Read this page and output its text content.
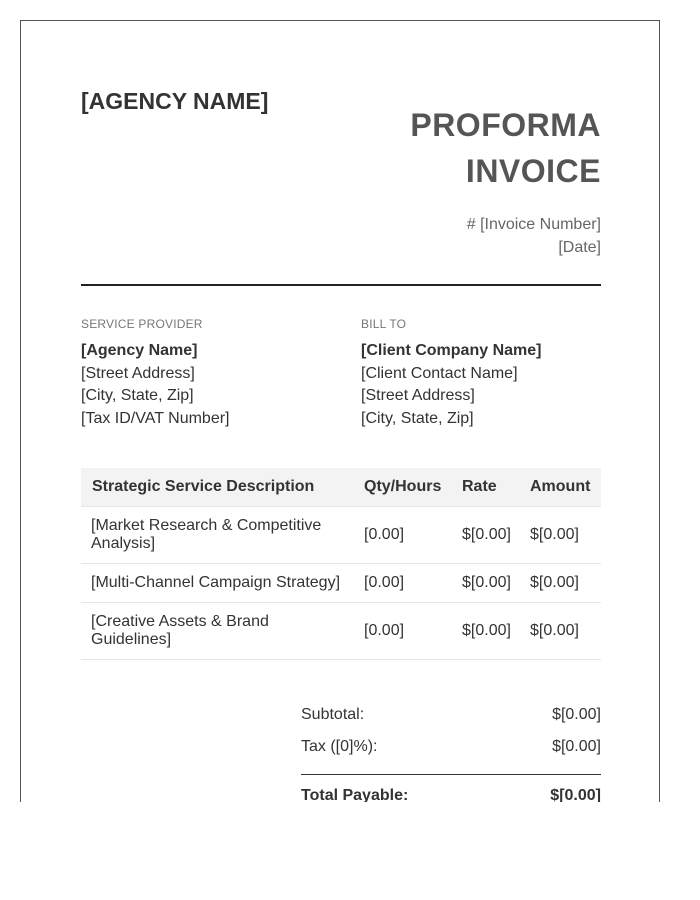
[AGENCY NAME]
PROFORMA INVOICE
# [Invoice Number]
[Date]
SERVICE PROVIDER
[Agency Name]
[Street Address]
[City, State, Zip]
[Tax ID/VAT Number]
BILL TO
[Client Company Name]
[Client Contact Name]
[Street Address]
[City, State, Zip]
Strategic Service Description	Qty/Hours	Rate	Amount
[Market Research & Competitive Analysis]	[0.00]	$[0.00]	$[0.00]
[Multi-Channel Campaign Strategy]	[0.00]	$[0.00]	$[0.00]
[Creative Assets & Brand Guidelines]	[0.00]	$[0.00]	$[0.00]
Subtotal:	$[0.00]
Tax ([0]%):	$[0.00]
Total Payable:	$[0.00]
